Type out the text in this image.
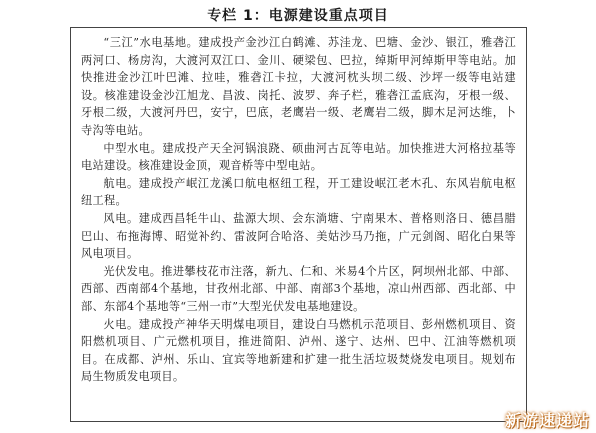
专栏 1：电源建设重点项目

“三江”水电基地。建成投产金沙江白鹤滩、苏洼龙、巴塘、金沙、银江，雅砻江两河口、杨房沟，大渡河双江口、金川、硬梁包、巴拉，绰斯甲河绰斯甲等电站。加快推进金沙江叶巴滩、拉哇，雅砻江卡拉，大渡河枕头坝二级、沙坪一级等电站建设。核准建设金沙江旭龙、昌波、岗托、波罗、奔子栏，雅砻江孟底沟，牙根一级、牙根二级，大渡河丹巴，安宁，巴底，老鹰岩一级、老鹰岩二级，脚木足河达维，卜寺沟等电站。

中型水电。建成投产天全河锅浪跷、硕曲河古瓦等电站。加快推进大河格拉基等电站建设。核准建设金顶，观音桥等中型电站。

航电。建成投产岷江龙溪口航电枢纽工程，开工建设岷江老木孔、东风岩航电枢纽工程。

风电。建成西昌牦牛山、盐源大坝、会东淌塘、宁南果木、普格则洛日、德昌腊巴山、布拖海博、昭觉补约、雷波阿合哈洛、美姑沙马乃拖，广元剑阁、昭化白果等风电项目。

光伏发电。推进攀枝花市注落，新九、仁和、米易4个片区，阿坝州北部、中部、西部、西南部4个基地，甘孜州北部、中部、南部3个基地，凉山州西部、西北部、中部、东部4个基地等“三州一市”大型光伏发电基地建设。

火电。建成投产神华天明煤电项目，建设白马燃机示范项目、彭州燃机项目、资阳燃机项目、广元燃机项目，推进简阳、泸州、遂宁、达州、巴中、江油等燃机项目。在成都、泸州、乐山、宜宾等地新建和扩建一批生活垃圾焚烧发电项目。规划布局生物质发电项目。

新游速递站
